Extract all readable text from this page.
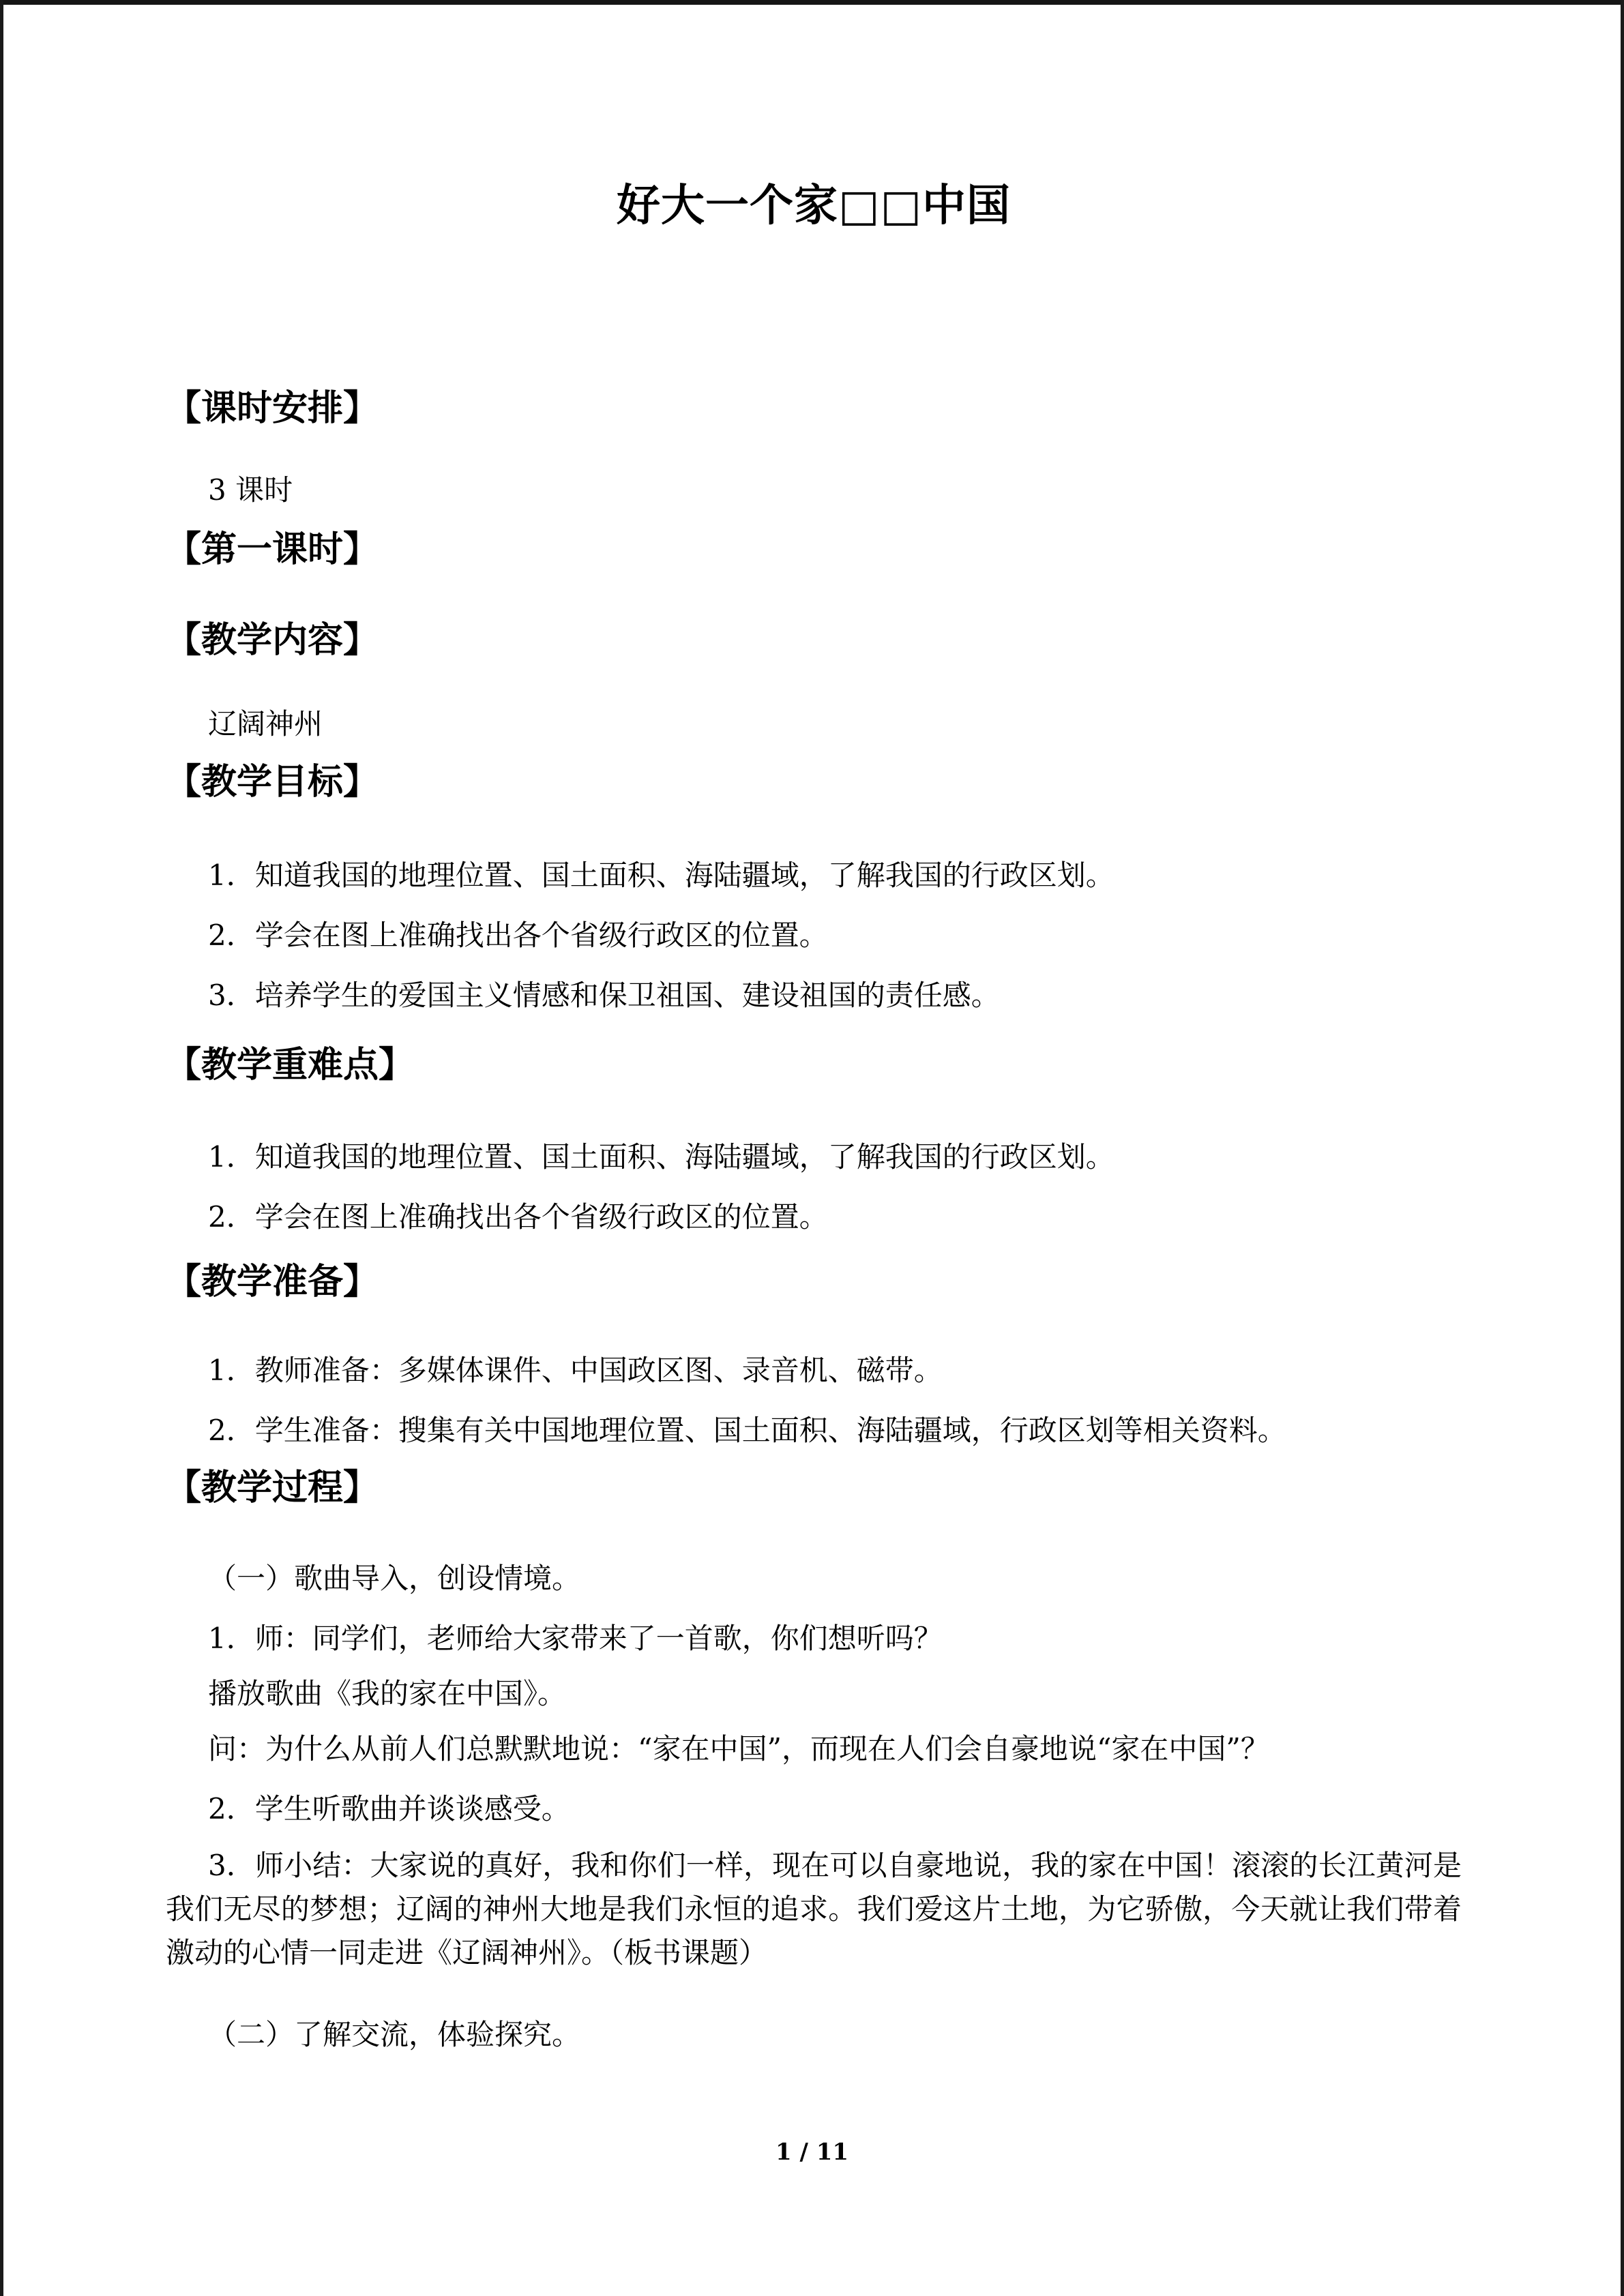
好大一个家□□中国
【课时安排】
3 课时
【第一课时】
【教学内容】
辽阔神州
【教学目标】
1．知道我国的地理位置、国土面积、海陆疆域，了解我国的行政区划。
2．学会在图上准确找出各个省级行政区的位置。
3．培养学生的爱国主义情感和保卫祖国、建设祖国的责任感。
【教学重难点】
1．知道我国的地理位置、国土面积、海陆疆域，了解我国的行政区划。
2．学会在图上准确找出各个省级行政区的位置。
【教学准备】
1．教师准备：多媒体课件、中国政区图、录音机、磁带。
2．学生准备：搜集有关中国地理位置、国土面积、海陆疆域，行政区划等相关资料。
【教学过程】
（一）歌曲导入，创设情境。
1．师：同学们，老师给大家带来了一首歌，你们想听吗？
播放歌曲《我的家在中国》。
问：为什么从前人们总默默地说：“家在中国”，而现在人们会自豪地说“家在中国”？
2．学生听歌曲并谈谈感受。
3．师小结：大家说的真好，我和你们一样，现在可以自豪地说，我的家在中国！滚滚的长江黄河是我们无尽的梦想；辽阔的神州大地是我们永恒的追求。我们爱这片土地，为它骄傲，今天就让我们带着激动的心情一同走进《辽阔神州》。（板书课题）
（二）了解交流，体验探究。
1 / 11
